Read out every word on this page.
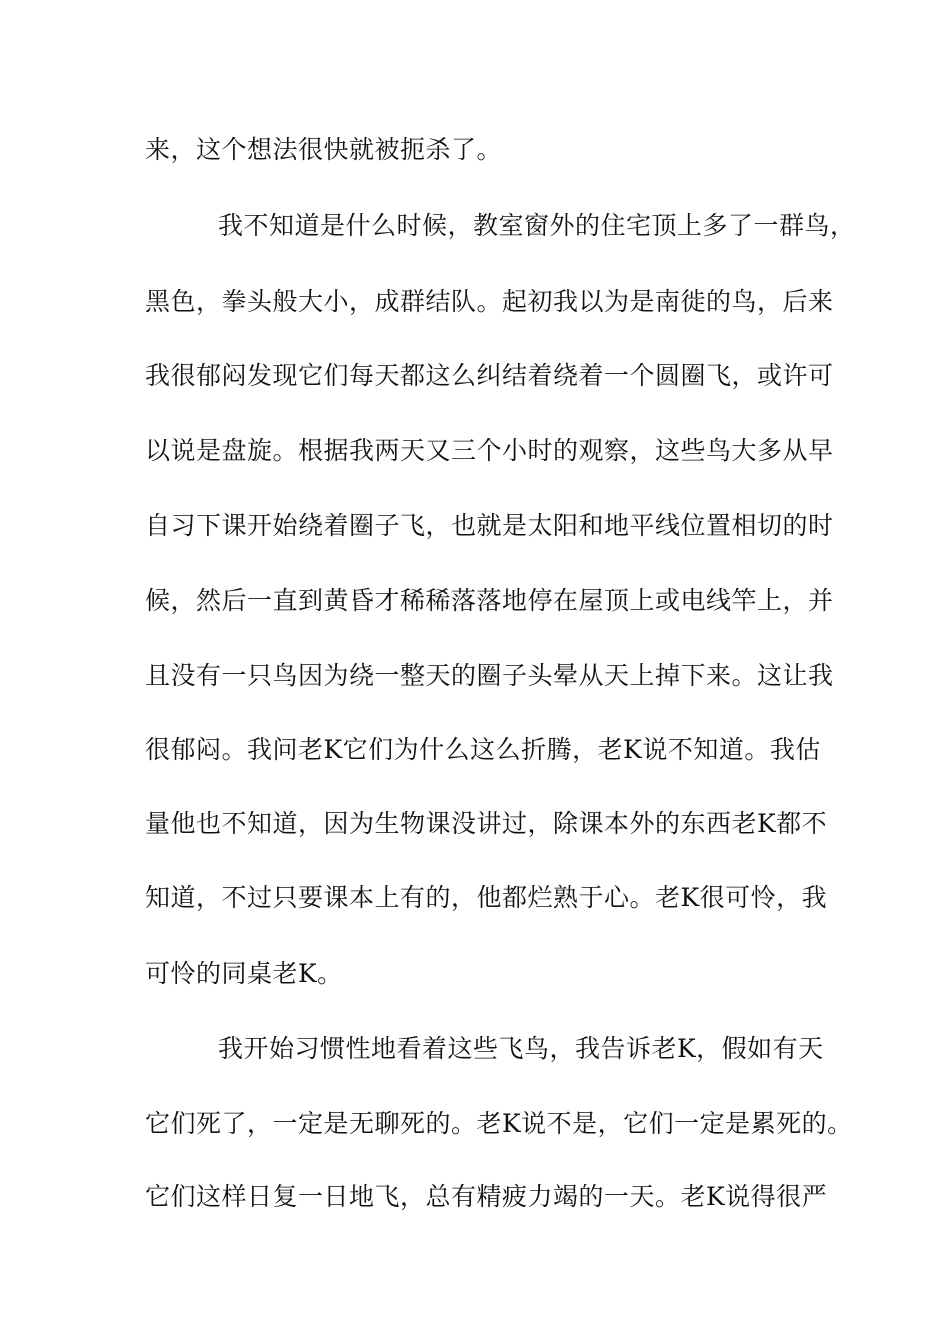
来，这个想法很快就被扼杀了。
我不知道是什么时候，教室窗外的住宅顶上多了一群鸟，
黑色，拳头般大小，成群结队。起初我以为是南徙的鸟，后来
我很郁闷发现它们每天都这么纠结着绕着一个圆圈飞，或许可
以说是盘旋。根据我两天又三个小时的观察，这些鸟大多从早
自习下课开始绕着圈子飞，也就是太阳和地平线位置相切的时
候，然后一直到黄昏才稀稀落落地停在屋顶上或电线竿上，并
且没有一只鸟因为绕一整天的圈子头晕从天上掉下来。这让我
很郁闷。我问老K它们为什么这么折腾，老K说不知道。我估
量他也不知道，因为生物课没讲过，除课本外的东西老K都不
知道，不过只要课本上有的，他都烂熟于心。老K很可怜，我
可怜的同桌老K。
我开始习惯性地看着这些飞鸟，我告诉老K，假如有天
它们死了，一定是无聊死的。老K说不是，它们一定是累死的。
它们这样日复一日地飞，总有精疲力竭的一天。老K说得很严
